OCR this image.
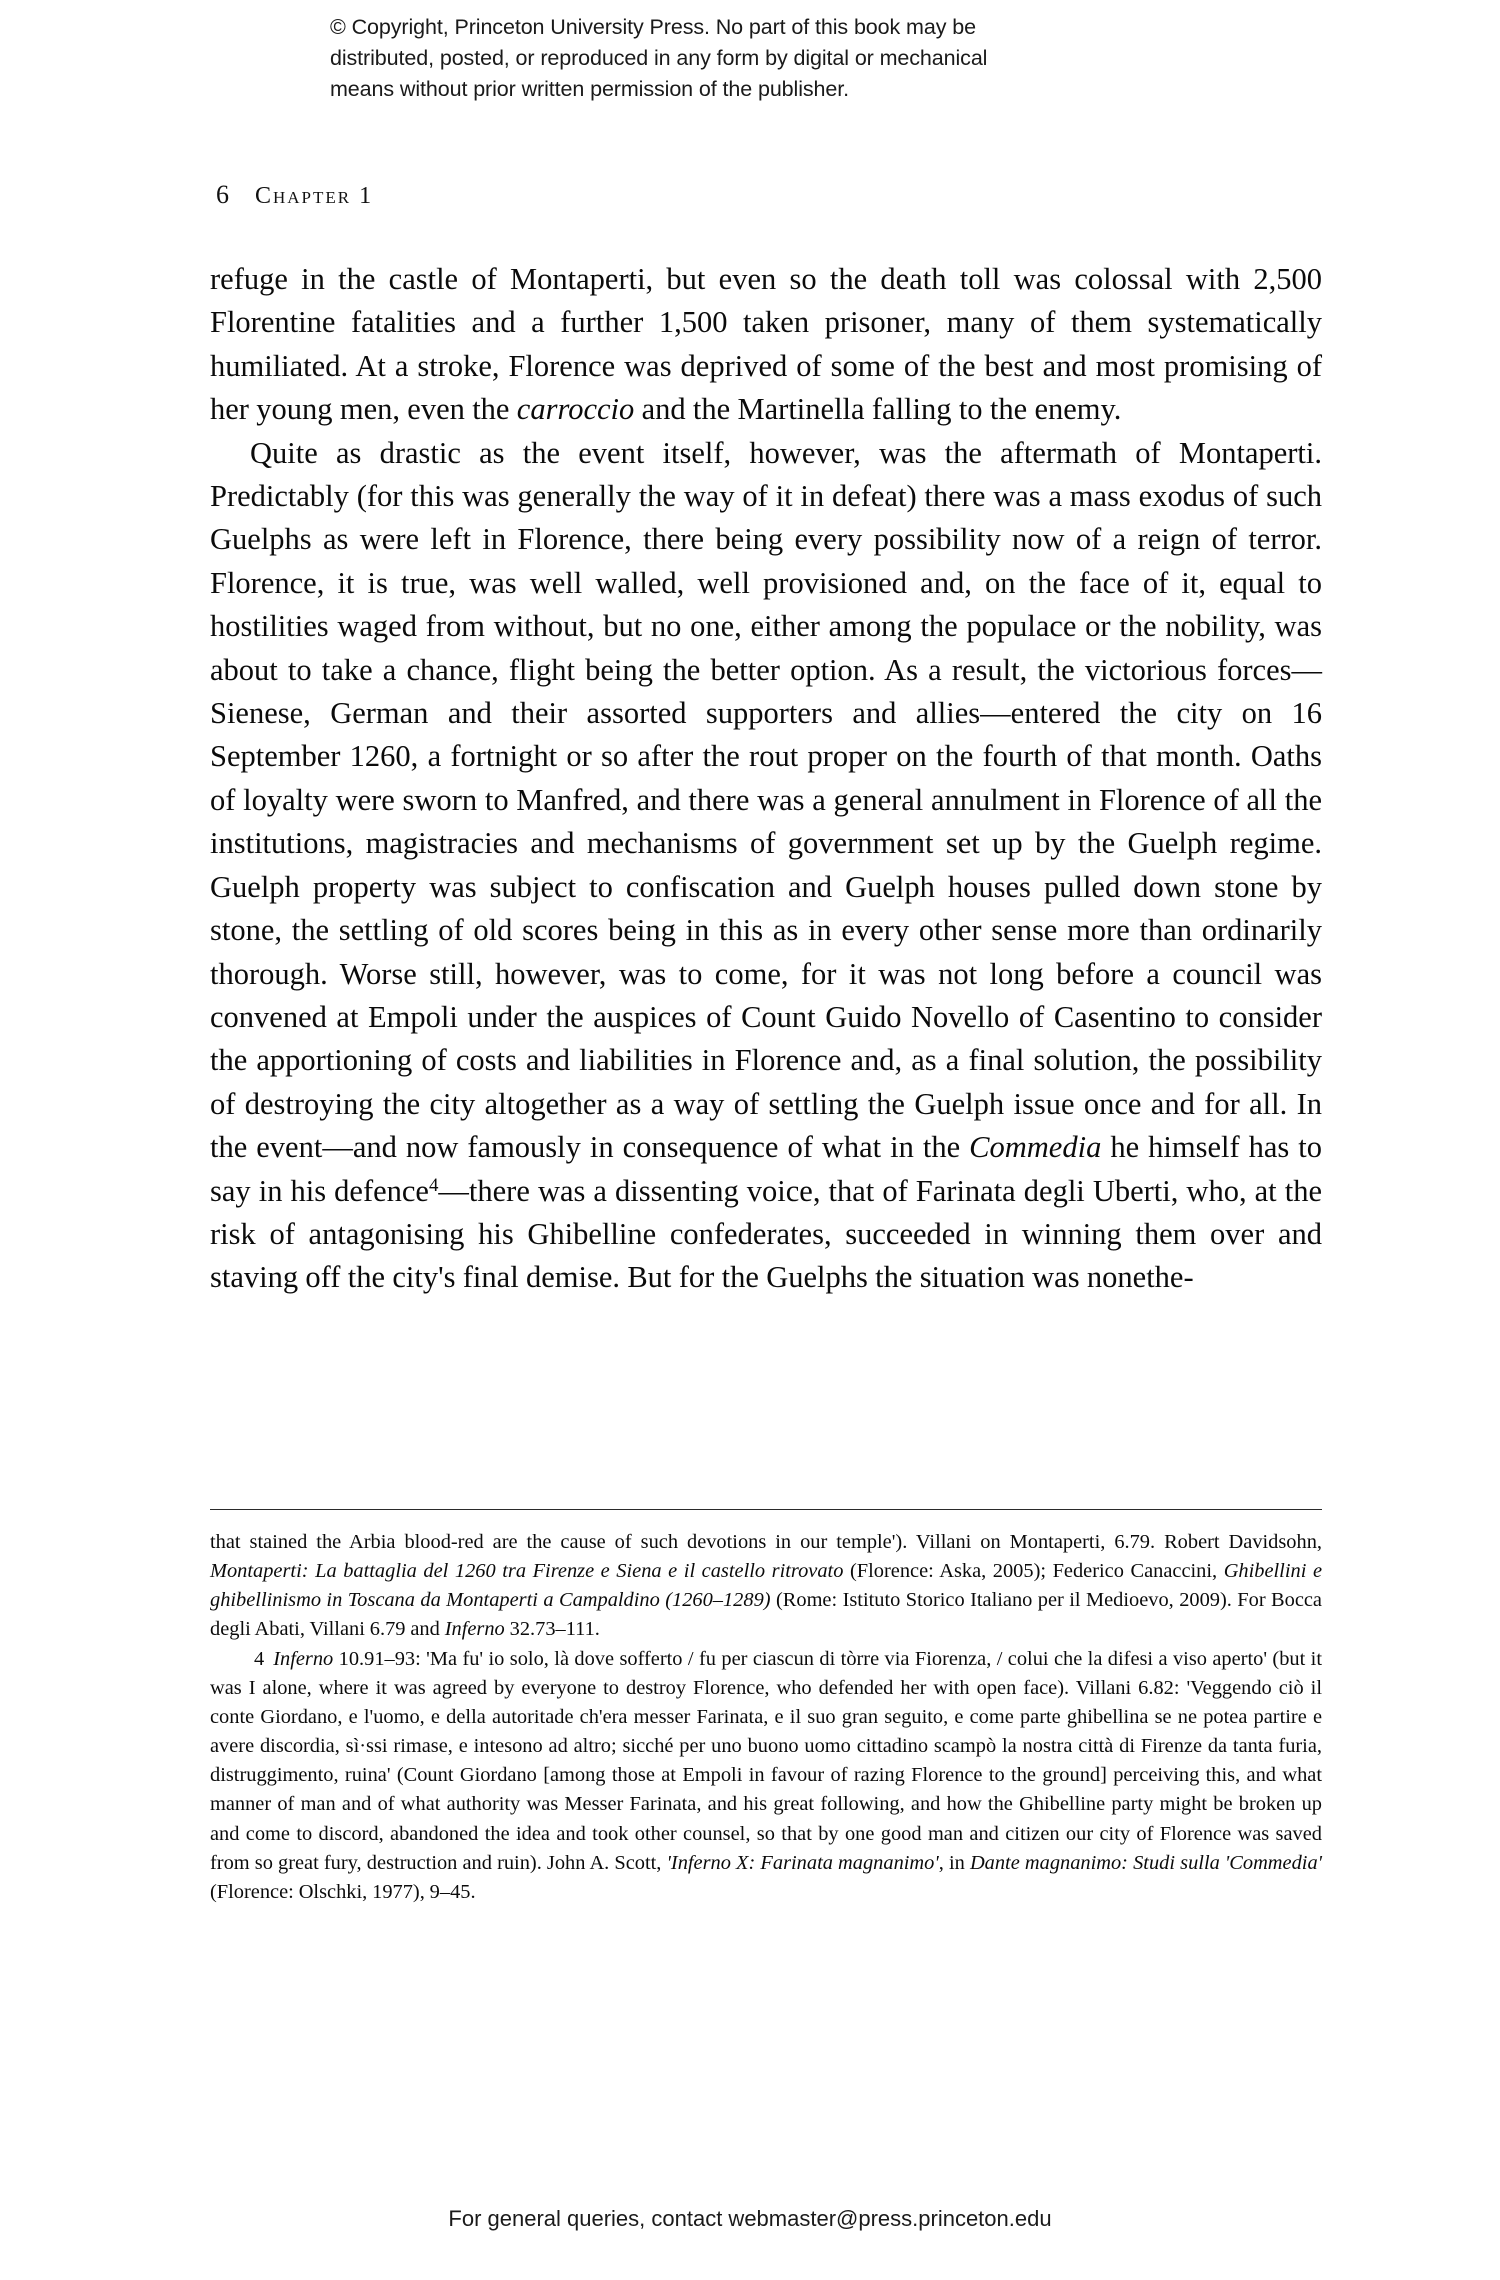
© Copyright, Princeton University Press. No part of this book may be
distributed, posted, or reproduced in any form by digital or mechanical
means without prior written permission of the publisher.
6 Chapter 1

refuge in the castle of Montaperti, but even so the death toll was colossal with 2,500 Florentine fatalities and a further 1,500 taken prisoner, many of them systematically humiliated. At a stroke, Florence was deprived of some of the best and most promising of her young men, even the carroccio and the Martinella falling to the enemy.

Quite as drastic as the event itself, however, was the aftermath of Montaperti. Predictably (for this was generally the way of it in defeat) there was a mass exodus of such Guelphs as were left in Florence, there being every possibility now of a reign of terror. Florence, it is true, was well walled, well provisioned and, on the face of it, equal to hostilities waged from without, but no one, either among the populace or the nobility, was about to take a chance, flight being the better option. As a result, the victorious forces—Sienese, German and their assorted supporters and allies—entered the city on 16 September 1260, a fortnight or so after the rout proper on the fourth of that month. Oaths of loyalty were sworn to Manfred, and there was a general annulment in Florence of all the institutions, magistracies and mechanisms of government set up by the Guelph regime. Guelph property was subject to confiscation and Guelph houses pulled down stone by stone, the settling of old scores being in this as in every other sense more than ordinarily thorough. Worse still, however, was to come, for it was not long before a council was convened at Empoli under the auspices of Count Guido Novello of Casentino to consider the apportioning of costs and liabilities in Florence and, as a final solution, the possibility of destroying the city altogether as a way of settling the Guelph issue once and for all. In the event—and now famously in consequence of what in the Commedia he himself has to say in his defence$^4$—there was a dissenting voice, that of Farinata degli Uberti, who, at the risk of antagonising his Ghibelline confederates, succeeded in winning them over and staving off the city's final demise. But for the Guelphs the situation was nonethe-

that stained the Arbia blood-red are the cause of such devotions in our temple'). Villani on Montaperti, 6.79. Robert Davidsohn, Montaperti: La battaglia del 1260 tra Firenze e Siena e il castello ritrovato (Florence: Aska, 2005); Federico Canaccini, Ghibellini e ghibellinismo in Toscana da Montaperti a Campaldino (1260–1289) (Rome: Istituto Storico Italiano per il Medioevo, 2009). For Bocca degli Abati, Villani 6.79 and Inferno 32.73–111.

4 Inferno 10.91–93: 'Ma fu' io solo, là dove sofferto / fu per ciascun di tòrre via Fiorenza, / colui che la difesi a viso aperto' (but it was I alone, where it was agreed by everyone to destroy Florence, who defended her with open face). Villani 6.82: 'Veggendo ciò il conte Giordano, e l'uomo, e della autoritade ch'era messer Farinata, e il suo gran seguito, e come parte ghibellina se ne potea partire e avere discordia, sì·ssi rimase, e intesono ad altro; sicché per uno buono uomo cittadino scampò la nostra città di Firenze da tanta furia, distruggimento, ruina' (Count Giordano [among those at Empoli in favour of razing Florence to the ground] perceiving this, and what manner of man and of what authority was Messer Farinata, and his great following, and how the Ghibelline party might be broken up and come to discord, abandoned the idea and took other counsel, so that by one good man and citizen our city of Florence was saved from so great fury, destruction and ruin). John A. Scott, 'Inferno X: Farinata magnanimo', in Dante magnanimo: Studi sulla 'Commedia' (Florence: Olschki, 1977), 9–45.

For general queries, contact webmaster@press.princeton.edu
